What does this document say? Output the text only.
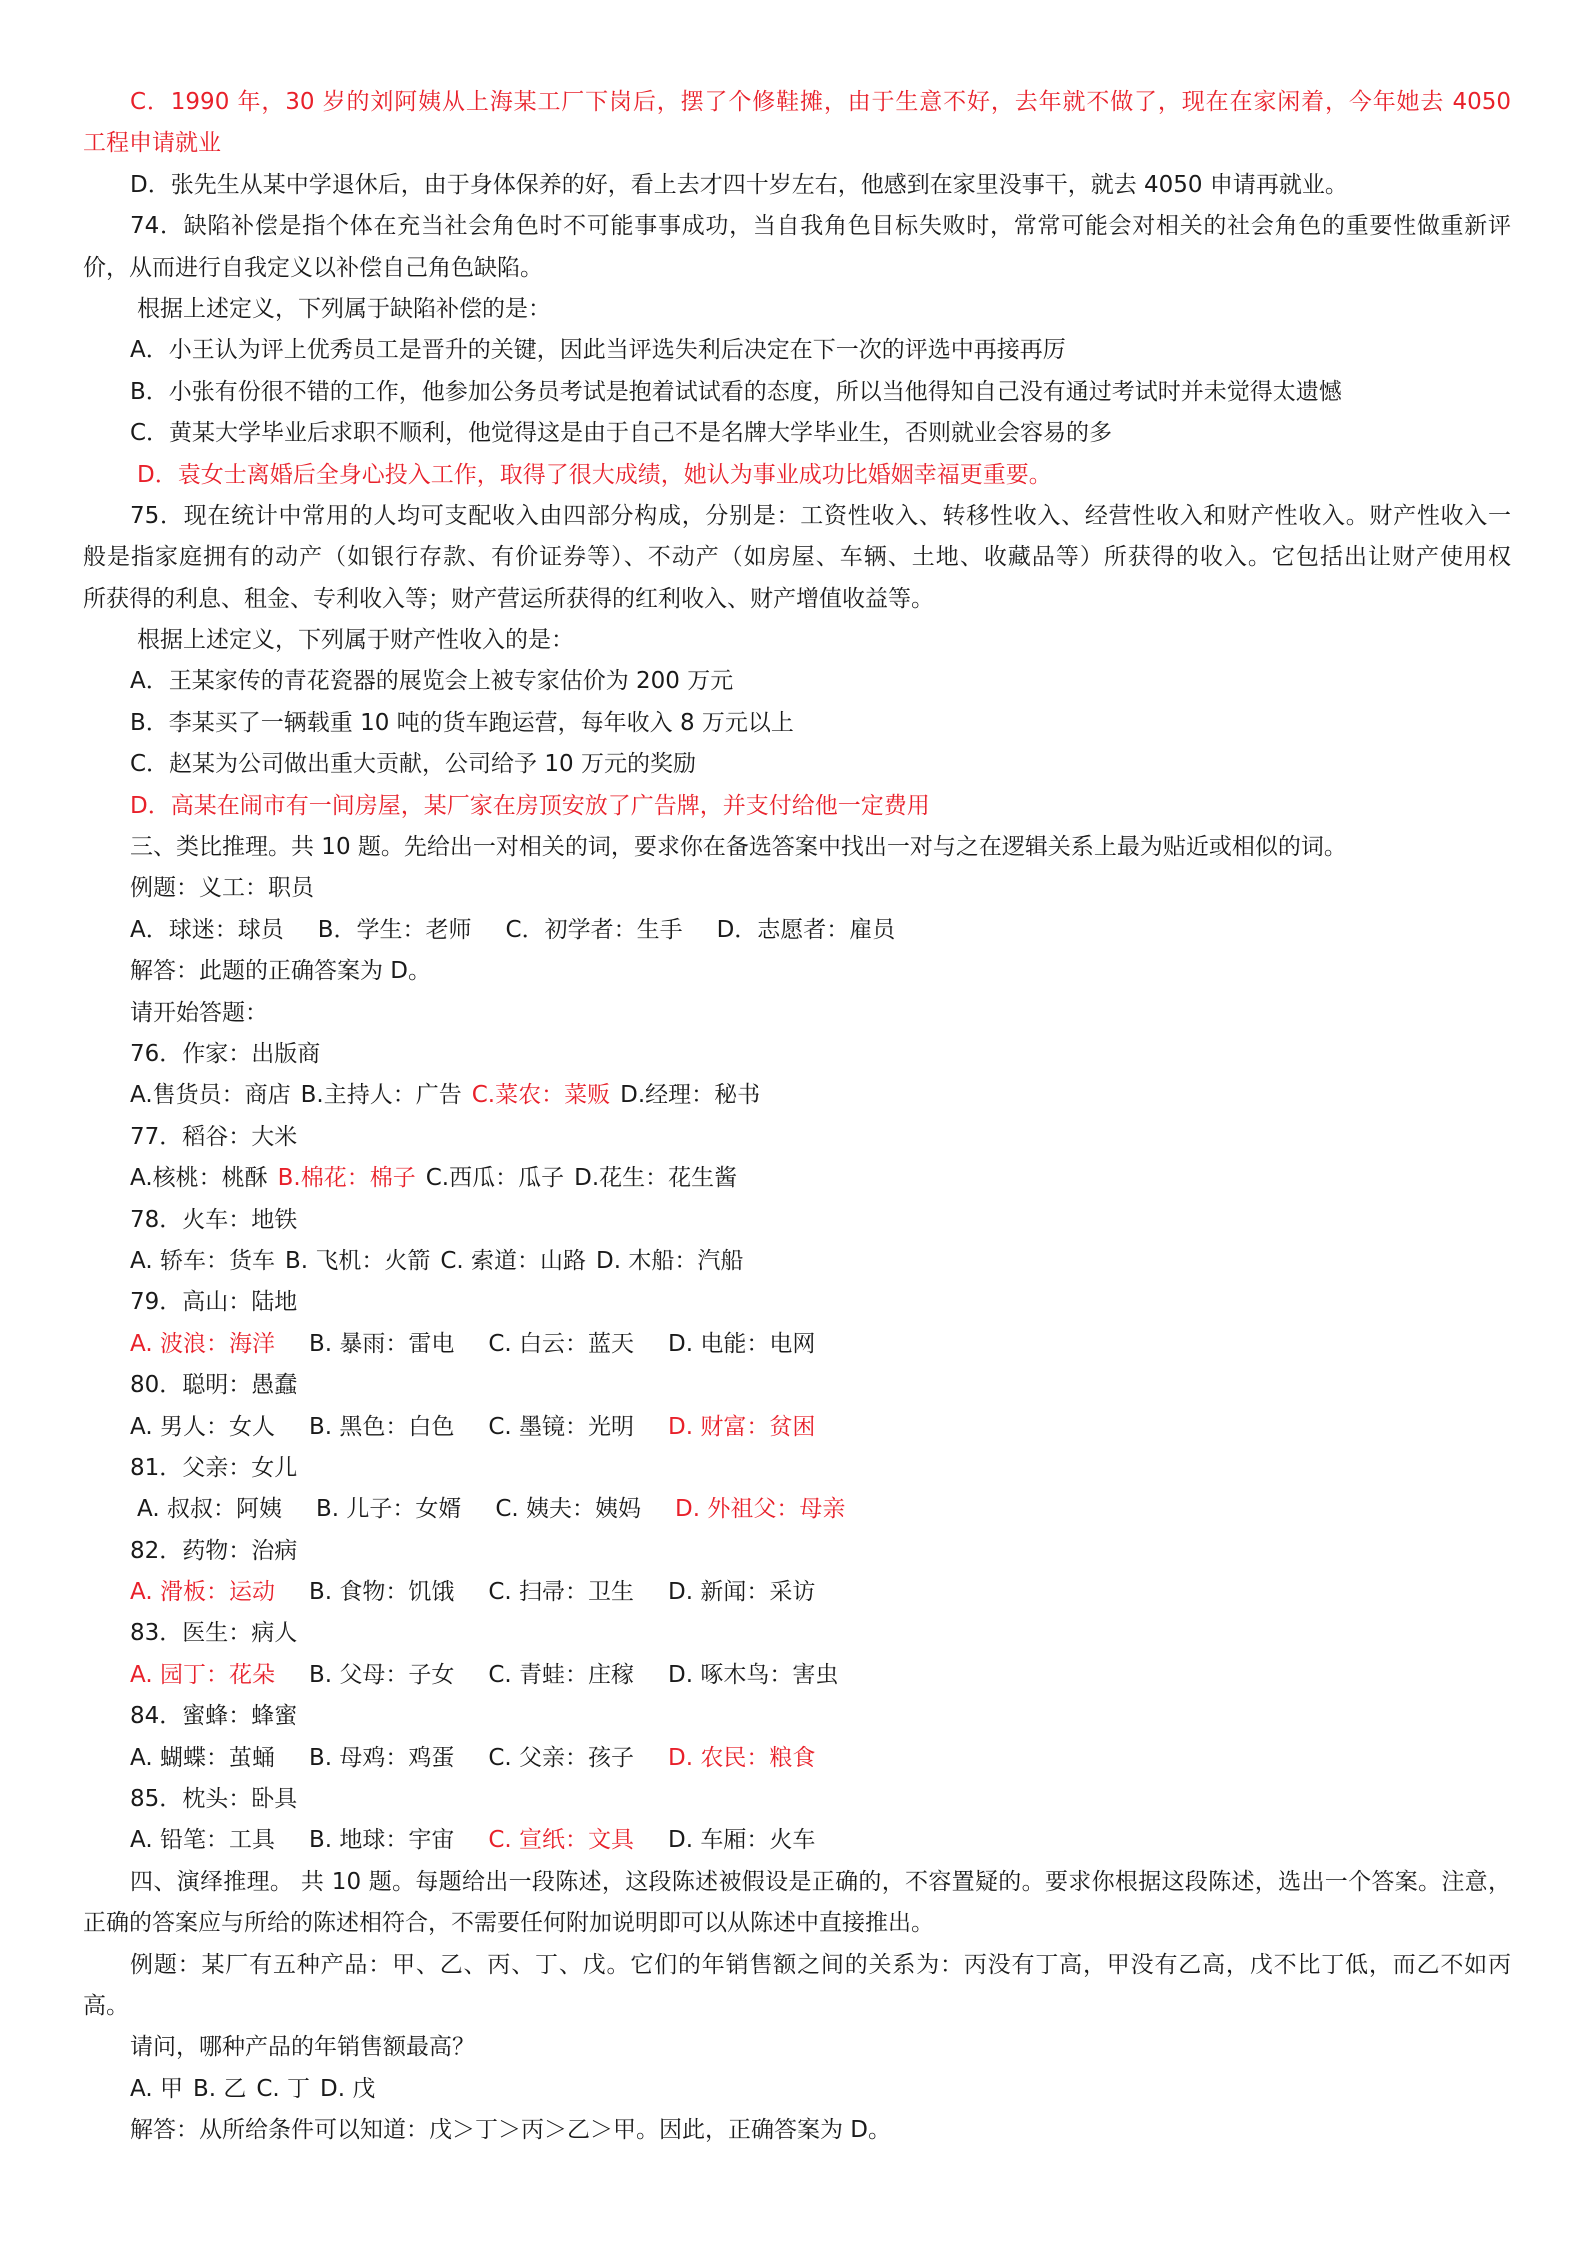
C．1990 年，30 岁的刘阿姨从上海某工厂下岗后，摆了个修鞋摊，由于生意不好，去年就不做了，现在在家闲着，今年她去 4050
工程申请就业
D．张先生从某中学退休后，由于身体保养的好，看上去才四十岁左右，他感到在家里没事干，就去 4050 申请再就业。
74．缺陷补偿是指个体在充当社会角色时不可能事事成功，当自我角色目标失败时，常常可能会对相关的社会角色的重要性做重新评
价，从而进行自我定义以补偿自己角色缺陷。
根据上述定义，下列属于缺陷补偿的是：
A．小王认为评上优秀员工是晋升的关键，因此当评选失利后决定在下一次的评选中再接再厉
B．小张有份很不错的工作，他参加公务员考试是抱着试试看的态度，所以当他得知自己没有通过考试时并未觉得太遗憾
C．黄某大学毕业后求职不顺利，他觉得这是由于自己不是名牌大学毕业生，否则就业会容易的多
D．袁女士离婚后全身心投入工作，取得了很大成绩，她认为事业成功比婚姻幸福更重要。
75．现在统计中常用的人均可支配收入由四部分构成，分别是：工资性收入、转移性收入、经营性收入和财产性收入。财产性收入一
般是指家庭拥有的动产（如银行存款、有价证券等）、不动产（如房屋、车辆、土地、收藏品等）所获得的收入。它包括出让财产使用权
所获得的利息、租金、专利收入等；财产营运所获得的红利收入、财产增值收益等。
根据上述定义，下列属于财产性收入的是：
A．王某家传的青花瓷器的展览会上被专家估价为 200 万元
B．李某买了一辆载重 10 吨的货车跑运营，每年收入 8 万元以上
C．赵某为公司做出重大贡献，公司给予 10 万元的奖励
D．高某在闹市有一间房屋，某厂家在房顶安放了广告牌，并支付给他一定费用
三、类比推理。共 10 题。先给出一对相关的词，要求你在备选答案中找出一对与之在逻辑关系上最为贴近或相似的词。
例题：义工：职员
A．球迷：球员 B．学生：老师 C．初学者：生手 D．志愿者：雇员
解答：此题的正确答案为 D。
请开始答题：
76．作家：出版商
A.售货员：商店 B.主持人：广告 C.菜农：菜贩 D.经理：秘书
77．稻谷：大米
A.核桃：桃酥 B.棉花：棉子 C.西瓜：瓜子 D.花生：花生酱
78．火车：地铁
A. 轿车：货车 B. 飞机：火箭C. 索道：山路 D. 木船：汽船
79．高山：陆地
A. 波浪：海洋 B. 暴雨：雷电 C. 白云：蓝天 D. 电能：电网
80．聪明：愚蠢
A. 男人：女人 B. 黑色：白色 C. 墨镜：光明 D. 财富：贫困
81．父亲：女儿
A. 叔叔：阿姨 B. 儿子：女婿 C. 姨夫：姨妈 D. 外祖父：母亲
82．药物：治病
A. 滑板：运动 B. 食物：饥饿 C. 扫帚：卫生 D. 新闻：采访
83．医生：病人
A. 园丁：花朵 B. 父母：子女 C. 青蛙：庄稼 D. 啄木鸟：害虫
84．蜜蜂：蜂蜜
A. 蝴蝶：茧蛹 B. 母鸡：鸡蛋 C. 父亲：孩子 D. 农民：粮食
85．枕头：卧具
A. 铅笔：工具 B. 地球：宇宙 C. 宣纸：文具 D. 车厢：火车
四、演绎推理。 共 10 题。每题给出一段陈述，这段陈述被假设是正确的，不容置疑的。要求你根据这段陈述，选出一个答案。注意，
正确的答案应与所给的陈述相符合，不需要任何附加说明即可以从陈述中直接推出。
例题：某厂有五种产品：甲、乙、丙、丁、戊。它们的年销售额之间的关系为：丙没有丁高，甲没有乙高，戊不比丁低，而乙不如丙
高。
请问，哪种产品的年销售额最高？
A. 甲B. 乙C. 丁D. 戊
解答：从所给条件可以知道：戊＞丁＞丙＞乙＞甲。因此，正确答案为 D。
